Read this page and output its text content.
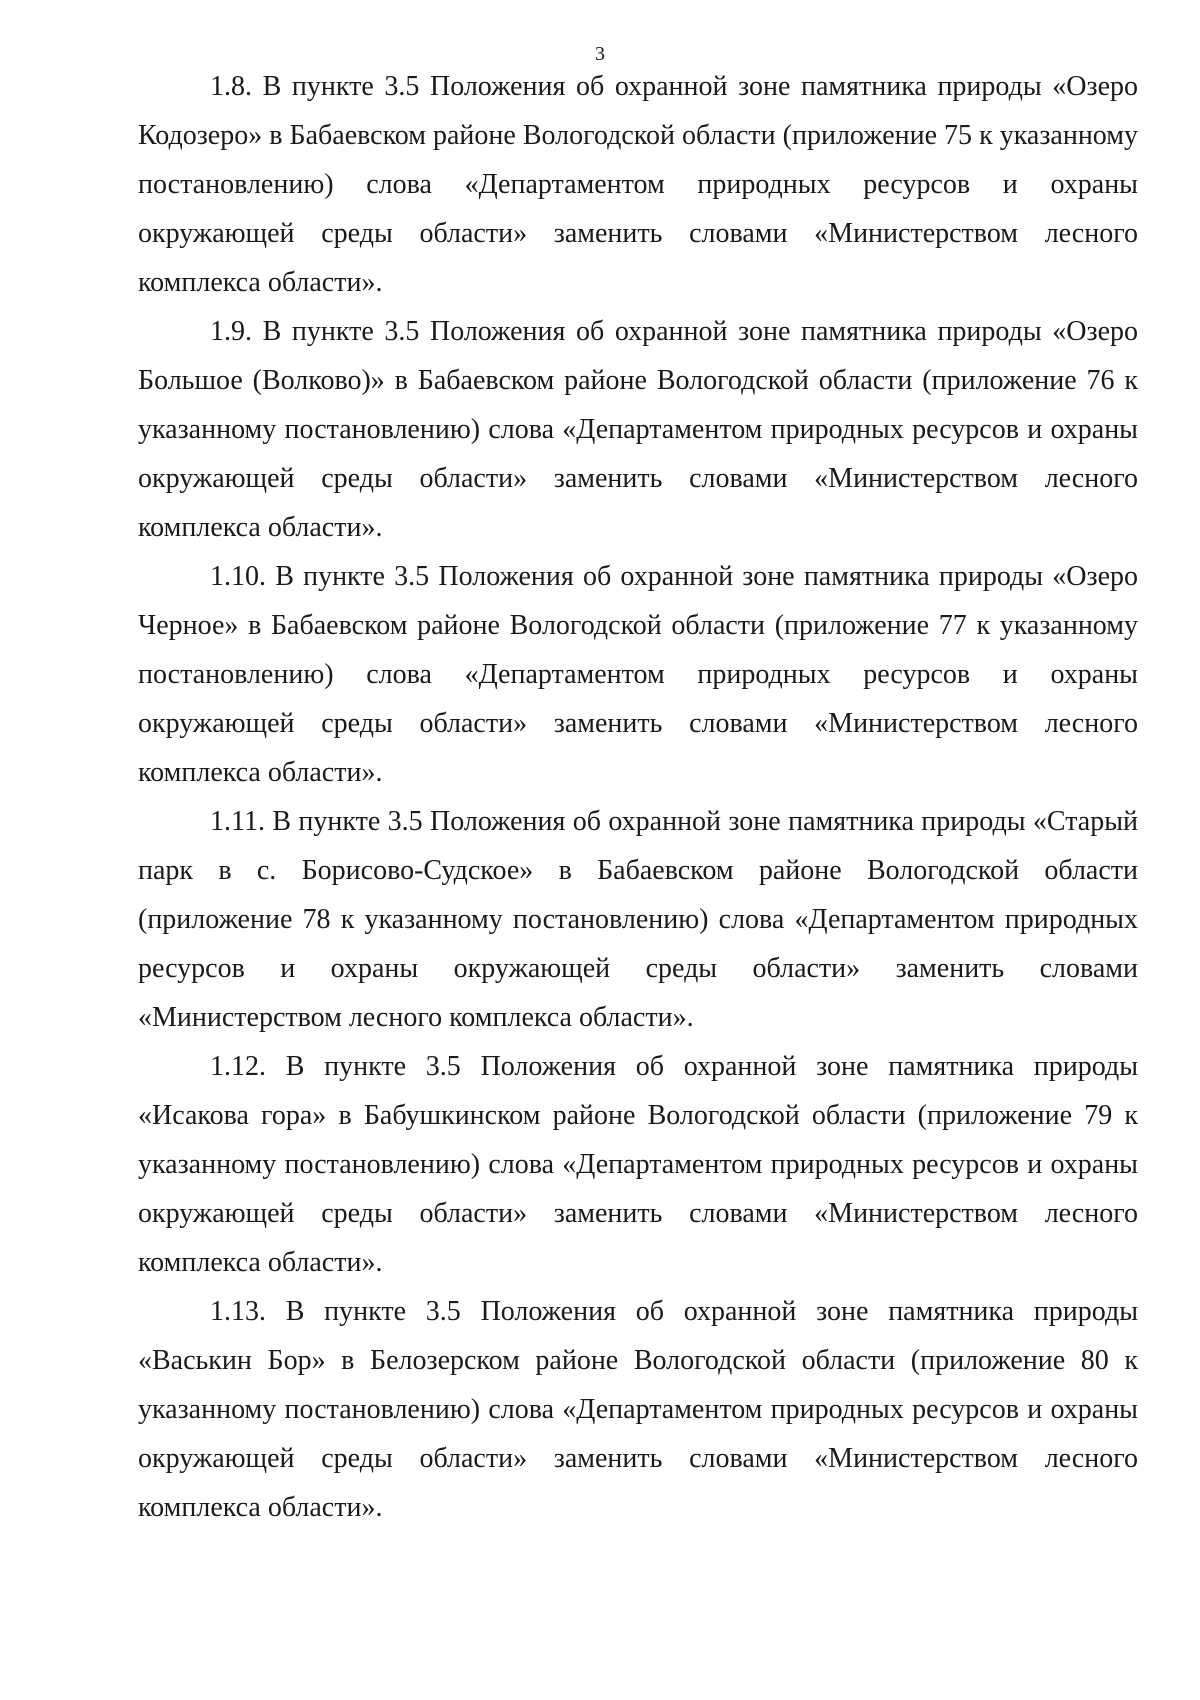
3

1.8. В пункте 3.5 Положения об охранной зоне памятника природы «Озеро Кодозеро» в Бабаевском районе Вологодской области (приложение 75 к указанному постановлению) слова «Департаментом природных ресурсов и охраны окружающей среды области» заменить словами «Министерством лесного комплекса области».

1.9. В пункте 3.5 Положения об охранной зоне памятника природы «Озеро Большое (Волково)» в Бабаевском районе Вологодской области (приложение 76 к указанному постановлению) слова «Департаментом природных ресурсов и охраны окружающей среды области» заменить словами «Министерством лесного комплекса области».

1.10. В пункте 3.5 Положения об охранной зоне памятника природы «Озеро Черное» в Бабаевском районе Вологодской области (приложение 77 к указанному постановлению) слова «Департаментом природных ресурсов и охраны окружающей среды области» заменить словами «Министерством лесного комплекса области».

1.11. В пункте 3.5 Положения об охранной зоне памятника природы «Старый парк в с. Борисово-Судское» в Бабаевском районе Вологодской области (приложение 78 к указанному постановлению) слова «Департаментом природных ресурсов и охраны окружающей среды области» заменить словами «Министерством лесного комплекса области».

1.12. В пункте 3.5 Положения об охранной зоне памятника природы «Исакова гора» в Бабушкинском районе Вологодской области (приложение 79 к указанному постановлению) слова «Департаментом природных ресурсов и охраны окружающей среды области» заменить словами «Министерством лесного комплекса области».

1.13. В пункте 3.5 Положения об охранной зоне памятника природы «Васькин Бор» в Белозерском районе Вологодской области (приложение 80 к указанному постановлению) слова «Департаментом природных ресурсов и охраны окружающей среды области» заменить словами «Министерством лесного комплекса области».
